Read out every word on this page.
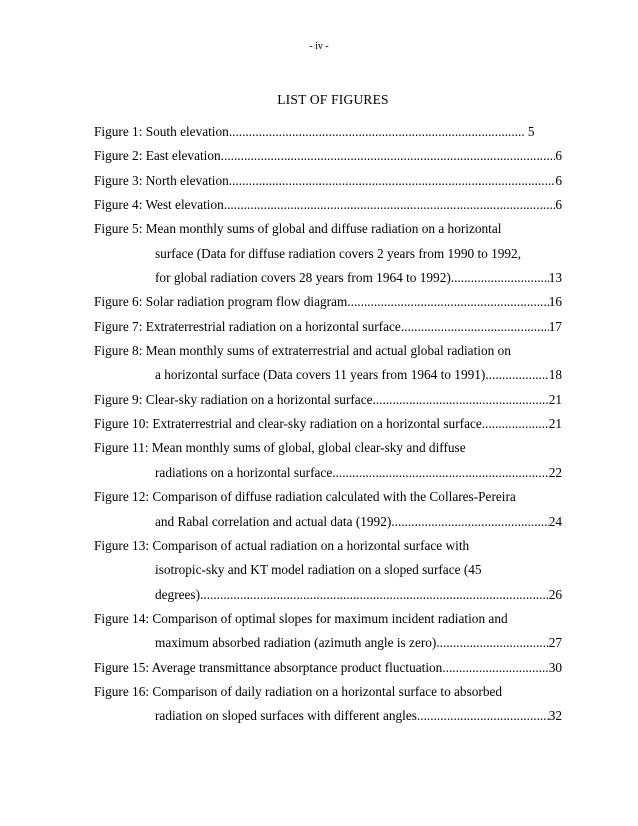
- iv -
LIST OF FIGURES
Figure 1: South elevation .....	5
Figure 2: East elevation .....	6
Figure 3: North elevation .....	6
Figure 4: West elevation .....	6
Figure 5: Mean monthly sums of global and diffuse radiation on a horizontal
surface (Data for diffuse radiation covers 2 years from 1990 to 1992,
for global radiation covers 28 years from 1964 to 1992) .....	13
Figure 6: Solar radiation program flow diagram .....	16
Figure 7: Extraterrestrial radiation on a horizontal surface .....	17
Figure 8: Mean monthly sums of extraterrestrial and actual global radiation on
a horizontal surface (Data covers 11 years from 1964 to 1991) .....	18
Figure 9: Clear-sky radiation on a horizontal surface .....	21
Figure 10: Extraterrestrial and clear-sky radiation on a horizontal surface .....	21
Figure 11: Mean monthly sums of global, global clear-sky and diffuse
radiations on a horizontal surface .....	22
Figure 12: Comparison of diffuse radiation calculated with the Collares-Pereira
and Rabal correlation and actual data (1992). .....	24
Figure 13: Comparison of actual radiation on a horizontal surface with
isotropic-sky and KT model radiation on a sloped surface (45
degrees) .....	26
Figure 14: Comparison of optimal slopes for maximum incident radiation and
maximum absorbed radiation (azimuth angle is zero) .....	27
Figure 15: Average transmittance absorptance product fluctuation. .....	30
Figure 16: Comparison of daily radiation on a horizontal surface to absorbed
radiation on sloped surfaces with different angles .....	32
